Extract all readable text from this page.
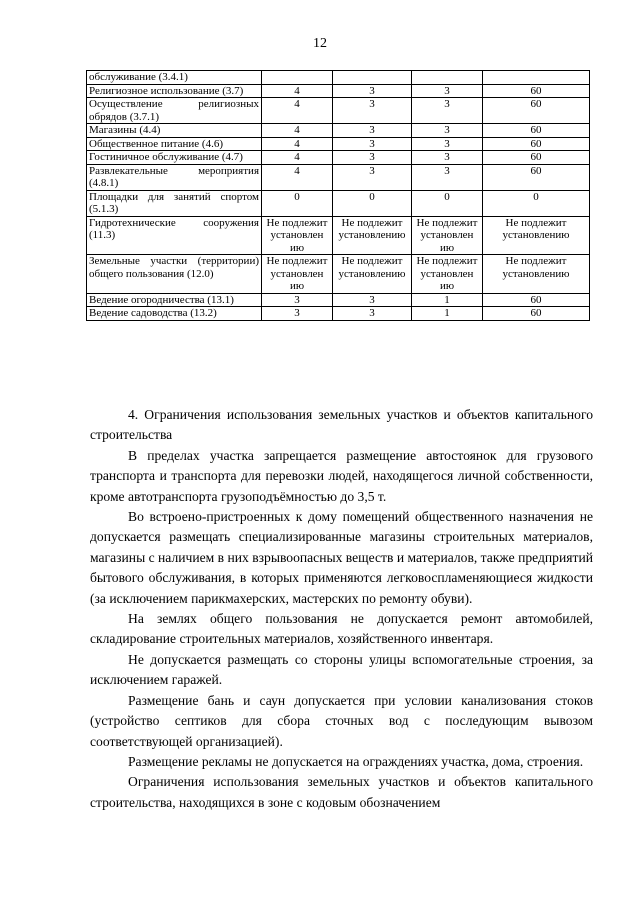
12
обслуживание (3.4.1)				
Религиозное использование (3.7)	4	3	3	60
Осуществление религиозных обрядов (3.7.1)	4	3	3	60
Магазины (4.4)	4	3	3	60
Общественное питание (4.6)	4	3	3	60
Гостиничное обслуживание (4.7)	4	3	3	60
Развлекательные мероприятия (4.8.1)	4	3	3	60
Площадки для занятий спортом (5.1.3)	0	0	0	0
Гидротехнические сооружения (11.3)	Не подлежит установлен ию	Не подлежит установлению	Не подлежит установлен ию	Не подлежит установлению
Земельные участки (территории) общего пользования (12.0)	Не подлежит установлен ию	Не подлежит установлению	Не подлежит установлен ию	Не подлежит установлению
Ведение огородничества (13.1)	3	3	1	60
Ведение садоводства (13.2)	3	3	1	60

4. Ограничения использования земельных участков и объектов капитального строительства

В пределах участка запрещается размещение автостоянок для грузового транспорта и транспорта для перевозки людей, находящегося личной собственности, кроме автотранспорта грузоподъёмностью до 3,5 т.

Во встроено-пристроенных к дому помещений общественного назначения не допускается размещать специализированные магазины строительных материалов, магазины с наличием в них взрывоопасных веществ и материалов, также предприятий бытового обслуживания, в которых применяются легковоспламеняющиеся жидкости (за исключением парикмахерских, мастерских по ремонту обуви).

На землях общего пользования не допускается ремонт автомобилей, складирование строительных материалов, хозяйственного инвентаря.

Не допускается размещать со стороны улицы вспомогательные строения, за исключением гаражей.

Размещение бань и саун допускается при условии канализования стоков (устройство септиков для сбора сточных вод с последующим вывозом соответствующей организацией).

Размещение рекламы не допускается на ограждениях участка, дома, строения.

Ограничения использования земельных участков и объектов капитального строительства, находящихся в зоне с кодовым обозначением
